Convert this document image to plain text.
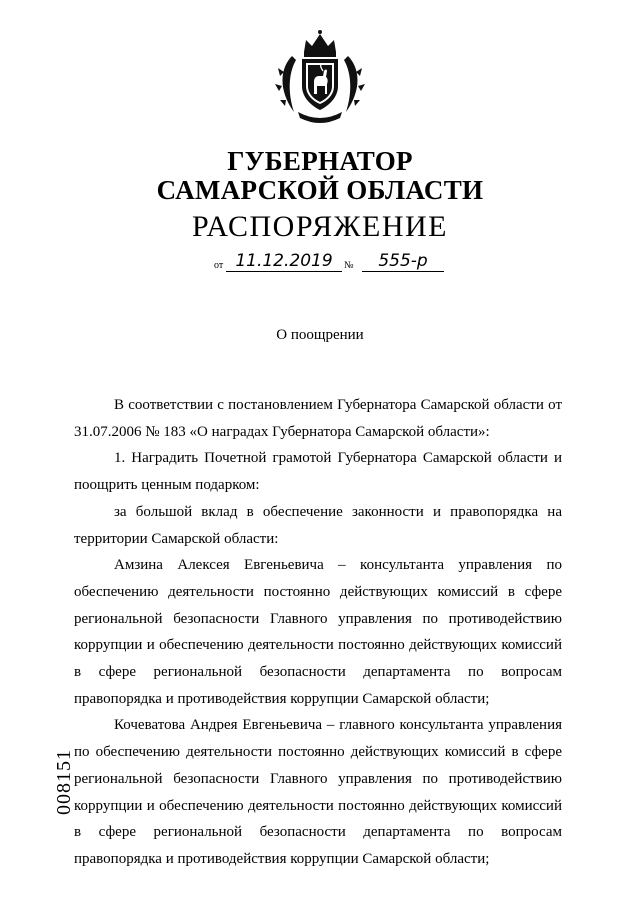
ГУБЕРНАТОР
САМАРСКОЙ ОБЛАСТИ
РАСПОРЯЖЕНИЕ
от 11.12.2019	№	555-р
О поощрении

В соответствии с постановлением Губернатора Самарской области от 31.07.2006 № 183 «О наградах Губернатора Самарской области»:

1. Наградить Почетной грамотой Губернатора Самарской области и поощрить ценным подарком:

за большой вклад в обеспечение законности и правопорядка на территории Самарской области:

Амзина Алексея Евгеньевича – консультанта управления по обеспечению деятельности постоянно действующих комиссий в сфере региональной безопасности Главного управления по противодействию коррупции и обеспечению деятельности постоянно действующих комиссий в сфере региональной безопасности департамента по вопросам правопорядка и противодействия коррупции Самарской области;

Кочеватова Андрея Евгеньевича – главного консультанта управления по обеспечению деятельности постоянно действующих комиссий в сфере региональной безопасности Главного управления по противодействию коррупции и обеспечению деятельности постоянно действующих комиссий в сфере региональной безопасности департамента по вопросам правопорядка и противодействия коррупции Самарской области;

008151
